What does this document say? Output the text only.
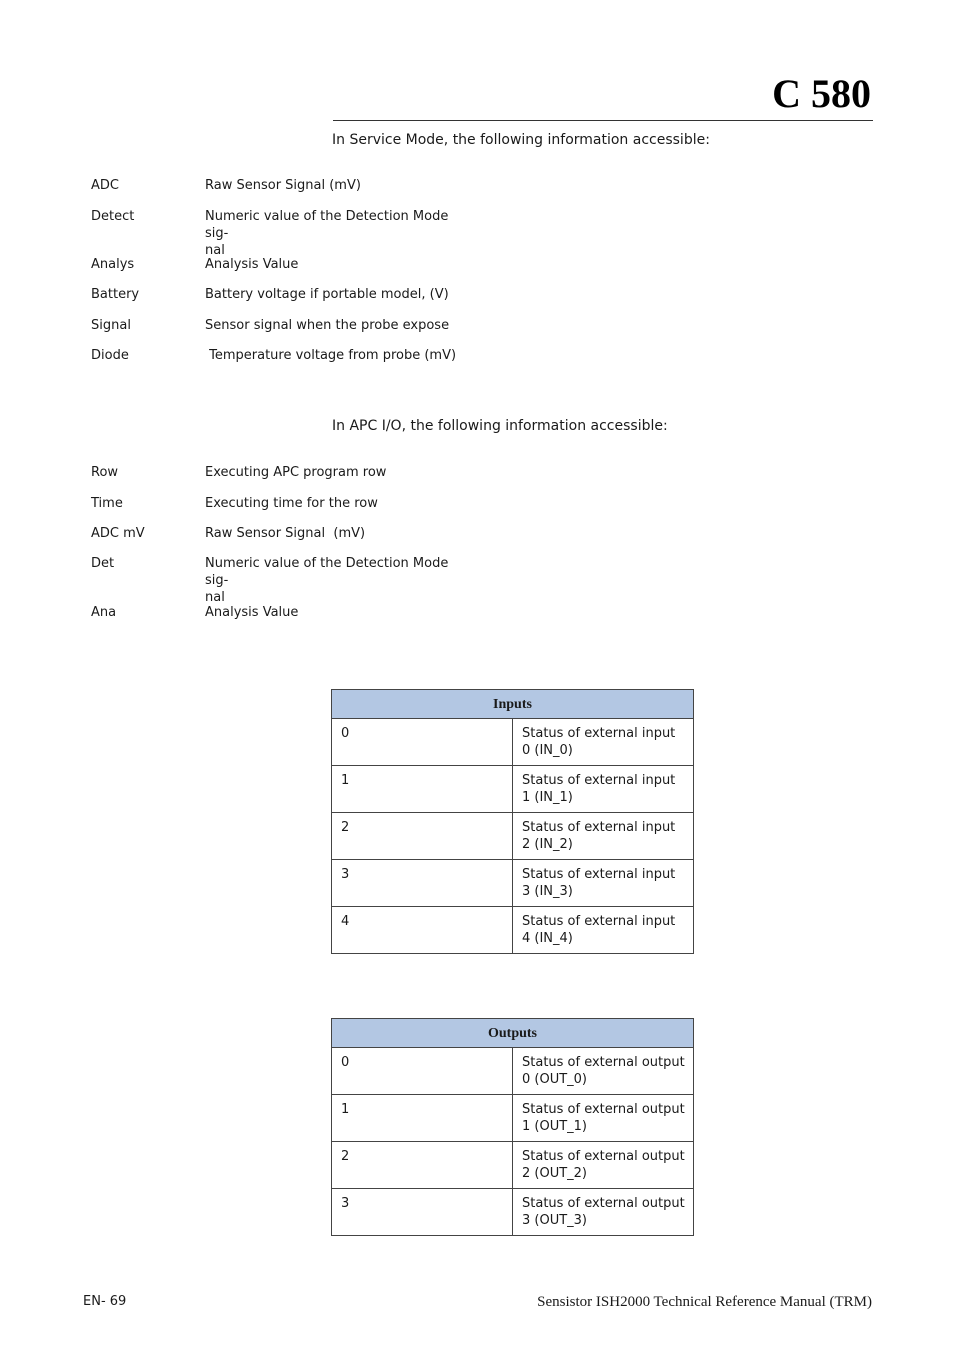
C 580
In Service Mode, the following information accessible:
ADC	Raw Sensor Signal (mV)
Detect	Numeric value of the Detection Mode sig-
nal
Analys	Analysis Value
Battery	Battery voltage if portable model, (V)
Signal	Sensor signal when the probe expose
Diode	Temperature voltage from probe (mV)
In APC I/O, the following information accessible:
Row	Executing APC program row
Time	Executing time for the row
ADC mV	Raw Sensor Signal  (mV)
Det	Numeric value of the Detection Mode sig-
nal
Ana	Analysis Value
Inputs	
0	Status of external input 0 (IN_0)
1	Status of external input 1 (IN_1)
2	Status of external input 2 (IN_2)
3	Status of external input 3 (IN_3)
4	Status of external input 4 (IN_4)
Outputs	
0	Status of external output 0 (OUT_0)
1	Status of external output 1 (OUT_1)
2	Status of external output 2 (OUT_2)
3	Status of external output 3 (OUT_3)
EN- 69	Sensistor ISH2000 Technical Reference Manual (TRM)
